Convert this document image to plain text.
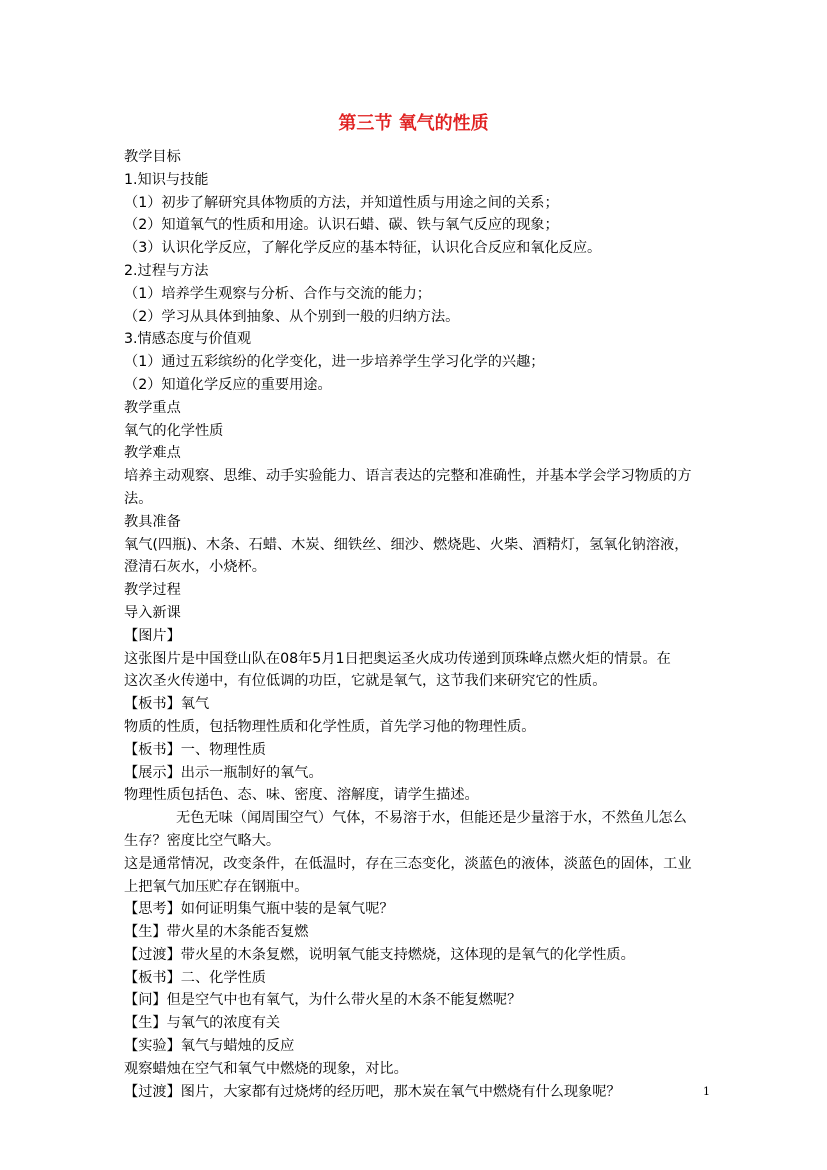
第三节 氧气的性质
教学目标
1.知识与技能
（1）初步了解研究具体物质的方法，并知道性质与用途之间的关系；
（2）知道氧气的性质和用途。认识石蜡、碳、铁与氧气反应的现象；
（3）认识化学反应，了解化学反应的基本特征，认识化合反应和氧化反应。
2.过程与方法
（1）培养学生观察与分析、合作与交流的能力；
（2）学习从具体到抽象、从个别到一般的归纳方法。
3.情感态度与价值观
（1）通过五彩缤纷的化学变化，进一步培养学生学习化学的兴趣；
（2）知道化学反应的重要用途。
教学重点
氧气的化学性质
教学难点
培养主动观察、思维、动手实验能力、语言表达的完整和准确性，并基本学会学习物质的方
法。
教具准备
氧气(四瓶)、木条、石蜡、木炭、细铁丝、细沙、燃烧匙、火柴、酒精灯，氢氧化钠溶液，
澄清石灰水，小烧杯。
教学过程
导入新课
【图片】
这张图片是中国登山队在08年5月1日把奥运圣火成功传递到顶珠峰点燃火炬的情景。在
这次圣火传递中，有位低调的功臣，它就是氧气，这节我们来研究它的性质。
【板书】氧气
物质的性质，包括物理性质和化学性质，首先学习他的物理性质。
【板书】一、物理性质
【展示】出示一瓶制好的氧气。
物理性质包括色、态、味、密度、溶解度，请学生描述。
无色无味（闻周围空气）气体，不易溶于水，但能还是少量溶于水，不然鱼儿怎么
生存？密度比空气略大。
这是通常情况，改变条件，在低温时，存在三态变化，淡蓝色的液体，淡蓝色的固体，工业
上把氧气加压贮存在钢瓶中。
【思考】如何证明集气瓶中装的是氧气呢？
【生】带火星的木条能否复燃
【过渡】带火星的木条复燃，说明氧气能支持燃烧，这体现的是氧气的化学性质。
【板书】二、化学性质
【问】但是空气中也有氧气，为什么带火星的木条不能复燃呢？
【生】与氧气的浓度有关
【实验】氧气与蜡烛的反应
观察蜡烛在空气和氧气中燃烧的现象，对比。
【过渡】图片，大家都有过烧烤的经历吧，那木炭在氧气中燃烧有什么现象呢？	1
